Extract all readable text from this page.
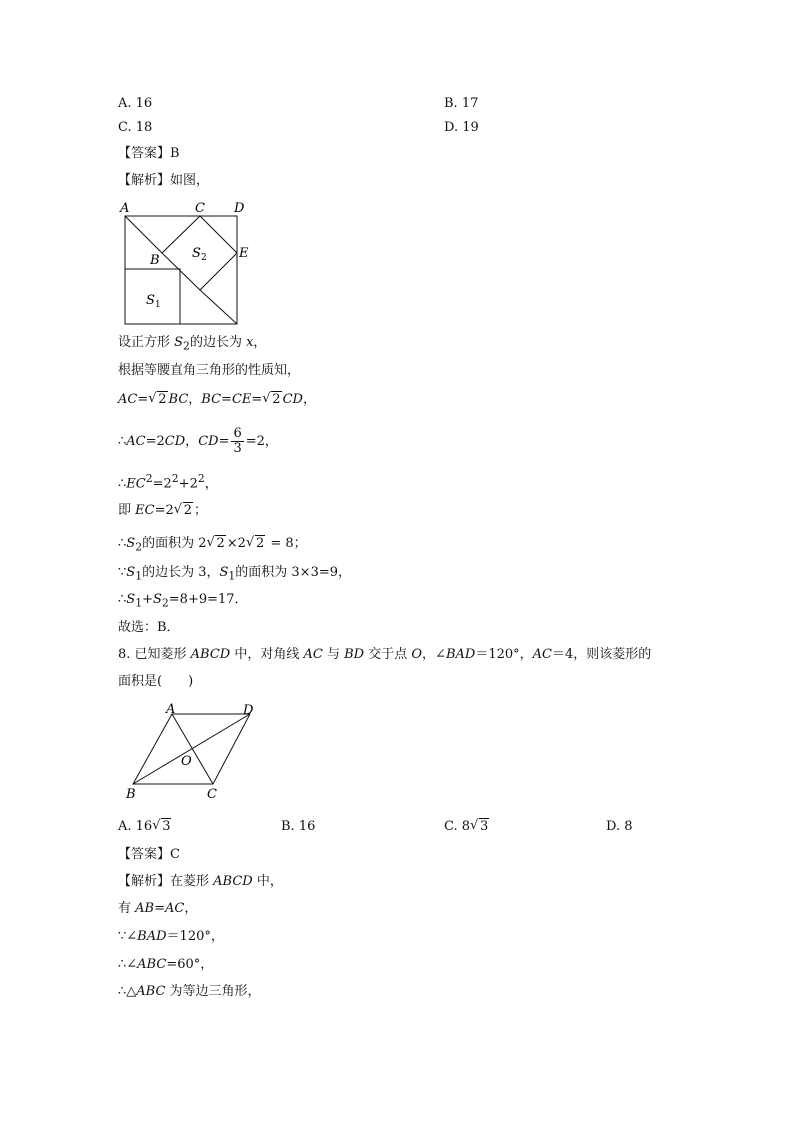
A. 16	B. 17
C. 18	D. 19
【答案】B
【解析】如图，
A	C D
E
B S 2
S 1
设正方形 $S_2$的边长为 x，
根据等腰直角三角形的性质知，
AC= √ 2 BC，BC=CE= √ 2 CD，
∴AC=2CD，$CD= \frac{6}{3} =2$，
$\therefore EC^2=2^2+2^2$，
即 EC=2 √ 2 ；
$\therefore S_2$的面积为 2 √ 2 ×2 √ 2 = 8；
$\because S_1$的边长为 3，$S_1$的面积为 3×3=9，
$\therefore S_1+S_2=8+9=17$．
故选：B．
8. 已知菱形 ABCD 中，对角线 AC 与 BD 交于点 O，∠BAD＝120°，AC＝4，则该菱形的
面积是(　　)
A	D
O
B	C
A. 16 √ 3	B. 16	C. 8 √ 3	D. 8
【答案】C
【解析】在菱形 ABCD 中，
有 AB=AC，
∵∠BAD＝120°，
∴∠ABC=60°，
∴△ABC 为等边三角形，
